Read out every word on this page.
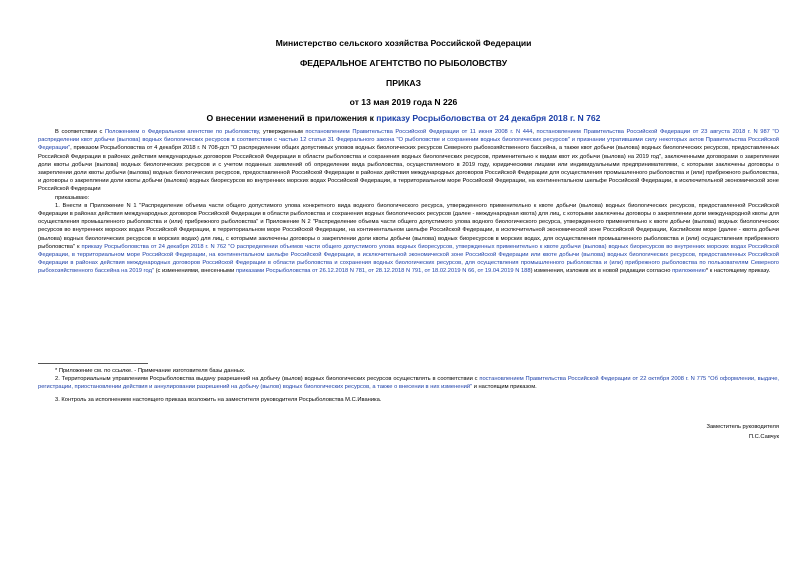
Министерство сельского хозяйства Российской Федерации
ФЕДЕРАЛЬНОЕ АГЕНТСТВО ПО РЫБОЛОВСТВУ
ПРИКАЗ
от 13 мая 2019 года N 226
О внесении изменений в приложения к приказу Росрыболовства от 24 декабря 2018 г. N 762

В соответствии с Положением о Федеральном агентстве по рыболовству, утвержденным постановлением Правительства Российской Федерации от 11 июня 2008 г. N 444, постановлением Правительства Российской Федерации от 23 августа 2018 г. N 987 "О распределении квот добычи (вылова) водных биологических ресурсов в соответствии с частью 12 статьи 31 Федерального закона "О рыболовстве и сохранении водных биологических ресурсов" и признании утратившими силу некоторых актов Правительства Российской Федерации", приказом Росрыболовства от 4 декабря 2018 г. N 708-дсп "О распределении общих допустимых уловов водных биологических ресурсов Северного рыбохозяйственного бассейна, а также квот добычи (вылова) водных биологических ресурсов, предоставленных Российской Федерации в районах действия международных договоров Российской Федерации в области рыболовства и сохранения водных биологических ресурсов, применительно к видам квот их добычи (вылова) на 2019 год", заключенными договорами о закреплении доли квоты добычи (вылова) водных биологических ресурсов и с учетом поданных заявлений об определении вида рыболовства, осуществляемого в 2019 году, юридическими лицами или индивидуальными предпринимателями, с которыми заключены договоры о закреплении доли квоты добычи (вылова) водных биологических ресурсов, предоставленной Российской Федерации в районах действия международных договоров Российской Федерации для осуществления промышленного рыболовства и (или) прибрежного рыболовства, и договоры о закреплении доли квоты добычи (вылова) водных биоресурсов во внутренних морских водах Российской Федерации, в территориальном море Российской Федерации, на континентальном шельфе Российской Федерации, в исключительной экономической зоне Российской Федерации

приказываю:

1. Внести в Приложение N 1 "Распределение объема части общего допустимого улова конкретного вида водного биологического ресурса, утвержденного применительно к квоте добычи (вылова) водных биологических ресурсов, предоставленной Российской Федерации в районах действия международных договоров Российской Федерации в области рыболовства и сохранения водных биологических ресурсов (далее - международная квота) для лиц, с которыми заключены договоры о закреплении доли международной квоты для осуществления промышленного рыболовства и (или) прибрежного рыболовства" и Приложение N 2 "Распределение объема части общего допустимого улова водного биологического ресурса, утвержденного применительно к квоте добычи (вылова) водных биологических ресурсов во внутренних морских водах Российской Федерации, в территориальном море Российской Федерации, на континентальном шельфе Российской Федерации, в исключительной экономической зоне Российской Федерации, Каспийском море (далее - квота добычи (вылова) водных биологических ресурсов в морских водах) для лиц, с которыми заключены договоры о закреплении доли квоты добычи (вылова) водных биоресурсов в морских водах, для осуществления промышленного рыболовства и (или) осуществления прибрежного рыболовства" к приказу Росрыболовства от 24 декабря 2018 г. N 762 "О распределении объемов части общего допустимого улова водных биоресурсов, утвержденных применительно к квоте добычи (вылова) водных биоресурсов во внутренних морских водах Российской Федерации, в территориальном море Российской Федерации, на континентальном шельфе Российской Федерации, в исключительной экономической зоне Российской Федерации или квоте добычи (вылова) водных биологических ресурсов, предоставленных Российской Федерации в районах действия международных договоров Российской Федерации в области рыболовства и сохранения водных биологических ресурсов, для осуществления промышленного рыболовства и (или) прибрежного рыболовства по пользователям Северного рыбохозяйственного бассейна на 2019 год" (с изменениями, внесенными приказами Росрыболовства от 26.12.2018 N 781, от 28.12.2018 N 791, от 18.02.2019 N 66, от 19.04.2019 N 188) изменения, изложив их в новой редакции согласно приложению* к настоящему приказу.

* Приложение см. по ссылке. - Примечание изготовителя базы данных.

2. Территориальным управлениям Росрыболовства выдачу разрешений на добычу (вылов) водных биологических ресурсов осуществлять в соответствии с постановлением Правительства Российской Федерации от 22 октября 2008 г. N 775 "Об оформлении, выдаче, регистрации, приостановлении действия и аннулировании разрешений на добычу (вылов) водных биологических ресурсов, а также о внесении в них изменений" и настоящим приказом.

3. Контроль за исполнением настоящего приказа возложить на заместителя руководителя Росрыболовства М.С.Иваника.

Заместитель руководителя
П.С.Савчук
